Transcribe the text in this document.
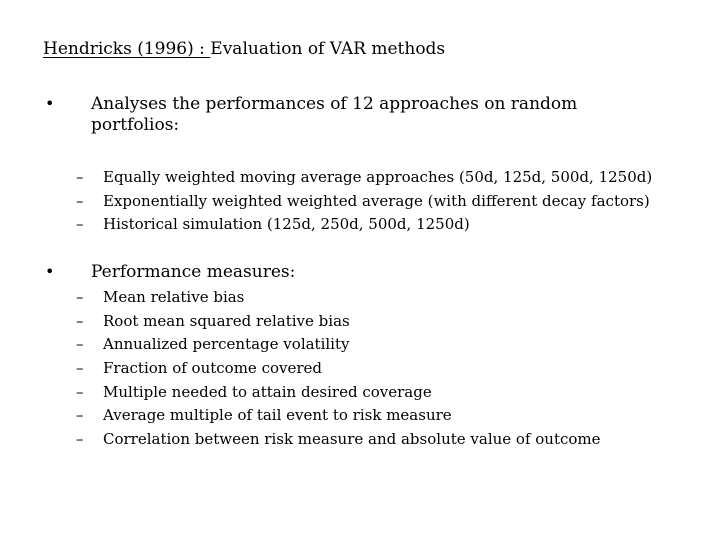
Hendricks (1996) : Evaluation of VAR methods
• Analyses the performances of 12 approaches on random portfolios:
– Equally weighted moving average approaches (50d, 125d, 500d, 1250d)
– Exponentially weighted weighted average (with different decay factors)
– Historical simulation (125d, 250d, 500d, 1250d)
• Performance measures:
– Mean relative bias
– Root mean squared relative bias
– Annualized percentage volatility
– Fraction of outcome covered
– Multiple needed to attain desired coverage
– Average multiple of tail event to risk measure
– Correlation between risk measure and absolute value of outcome
